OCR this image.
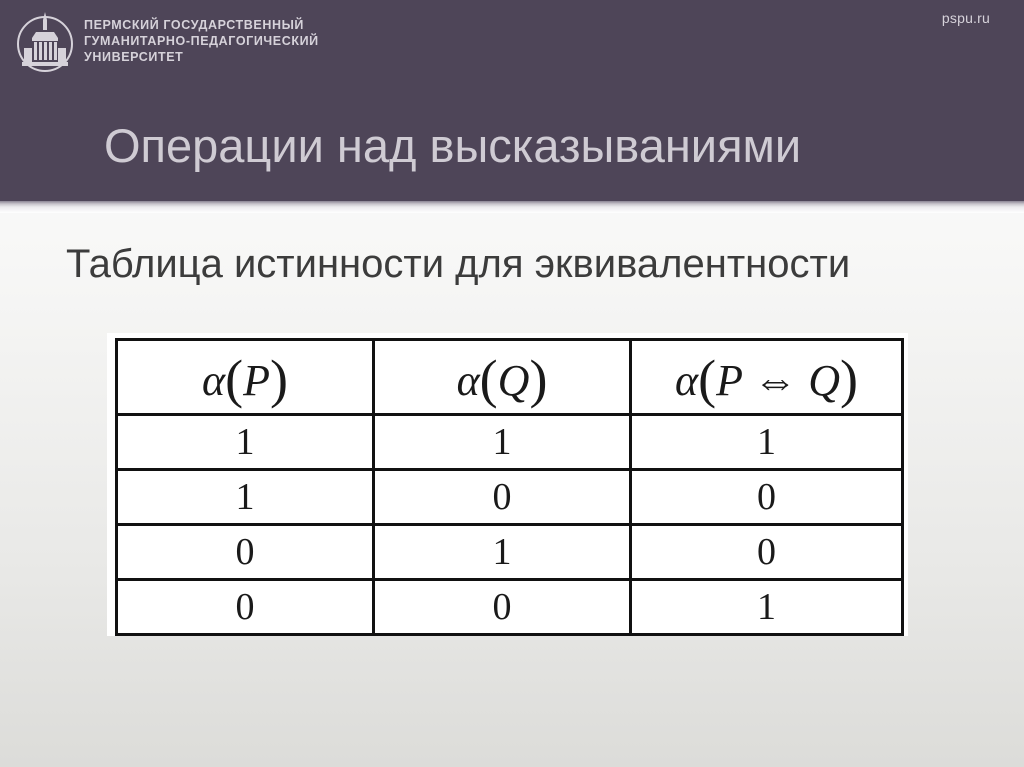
ПЕРМСКИЙ ГОСУДАРСТВЕННЫЙ
ГУМАНИТАРНО-ПЕДАГОГИЧЕСКИЙ
УНИВЕРСИТЕТ
pspu.ru
Операции над высказываниями
Таблица истинности для эквивалентности
α(P)	α(Q)	α(P ⇔ Q)
1	1	1
1	0	0
0	1	0
0	0	1
